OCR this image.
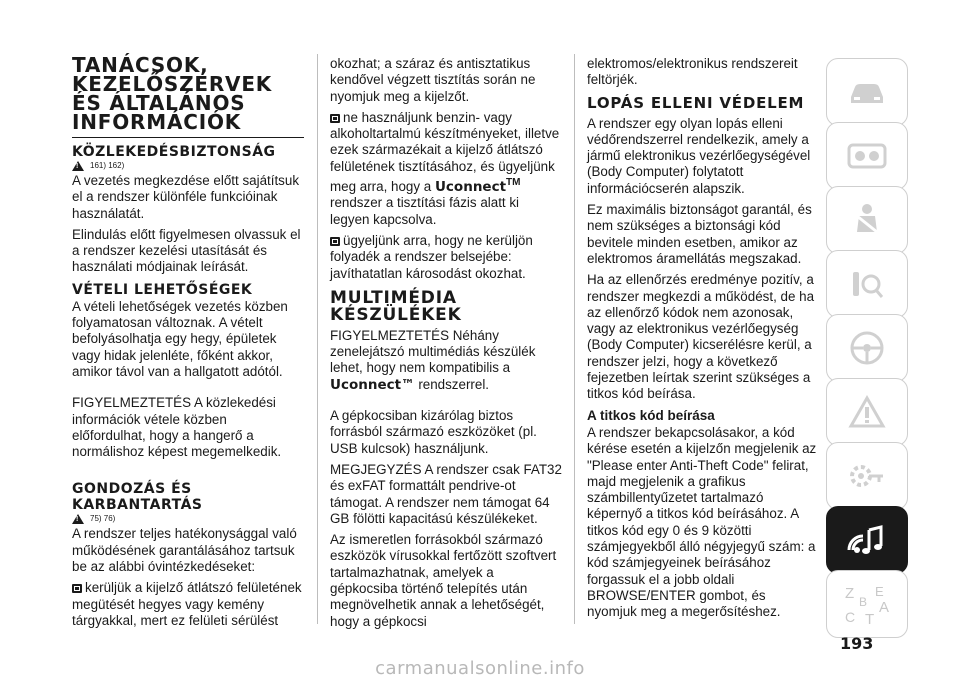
TANÁCSOK,
KEZELŐSZERVEK
ÉS ÁLTALÁNOS
INFORMÁCIÓK
KÖZLEKEDÉSBIZTONSÁG
!
161) 162)

A vezetés megkezdése előtt sajátítsuk el a rendszer különféle funkcióinak használatát.

Elindulás előtt figyelmesen olvassuk el a rendszer kezelési utasítását és használati módjainak leírását.

VÉTELI LEHETŐSÉGEK

A vételi lehetőségek vezetés közben folyamatosan változnak. A vételt befolyásolhatja egy hegy, épületek vagy hidak jelenléte, főként akkor, amikor távol van a hallgatott adótól.

FIGYELMEZTETÉS A közlekedési információk vétele közben előfordulhat, hogy a hangerő a normálishoz képest megemelkedik.

GONDOZÁS ÉS KARBANTARTÁS
!
75) 76)

A rendszer teljes hatékonysággal való működésének garantálásához tartsuk be az alábbi óvintézkedéseket:

kerüljük a kijelző átlátszó felületének megütését hegyes vagy kemény tárgyakkal, mert ez felületi sérülést

okozhat; a száraz és antisztatikus kendővel végzett tisztítás során ne nyomjuk meg a kijelzőt.

ne használjunk benzin- vagy alkoholtartalmú készítményeket, illetve ezek származékait a kijelző átlátszó felületének tisztításához, és ügyeljünk meg arra, hogy a Uconnect™ rendszer a tisztítási fázis alatt ki legyen kapcsolva.

ügyeljünk arra, hogy ne kerüljön folyadék a rendszer belsejébe: javíthatatlan károsodást okozhat.

MULTIMÉDIA
KÉSZÜLÉKEK

FIGYELMEZTETÉS Néhány zenelejátszó multimédiás készülék lehet, hogy nem kompatibilis a Uconnect™ rendszerrel.

A gépkocsiban kizárólag biztos forrásból származó eszközöket (pl. USB kulcsok) használjunk.

MEGJEGYZÉS A rendszer csak FAT32 és exFAT formattált pendrive-ot támogat. A rendszer nem támogat 64 GB fölötti kapacitású készülékeket.

Az ismeretlen forrásokból származó eszközök vírusokkal fertőzött szoftvert tartalmazhatnak, amelyek a gépkocsiba történő telepítés után megnövelhetik annak a lehetőségét, hogy a gépkocsi

elektromos/elektronikus rendszereit feltörjék.

LOPÁS ELLENI VÉDELEM

A rendszer egy olyan lopás elleni védőrendszerrel rendelkezik, amely a jármű elektronikus vezérlőegységével (Body Computer) folytatott információcserén alapszik.

Ez maximális biztonságot garantál, és nem szükséges a biztonsági kód bevitele minden esetben, amikor az elektromos áramellátás megszakad.

Ha az ellenőrzés eredménye pozitív, a rendszer megkezdi a működést, de ha az ellenőrző kódok nem azonosak, vagy az elektronikus vezérlőegység (Body Computer) kicserélésre kerül, a rendszer jelzi, hogy a következő fejezetben leírtak szerint szükséges a titkos kód beírása.

A titkos kód beírása

A rendszer bekapcsolásakor, a kód kérése esetén a kijelzőn megjelenik az "Please enter Anti-Theft Code" felirat, majd megjelenik a grafikus számbillentyűzetet tartalmazó képernyő a titkos kód beírásához. A titkos kód egy 0 és 9 közötti számjegyekből álló négyjegyű szám: a kód számjegyeinek beírásához forgassuk el a jobb oldali BROWSE/ENTER gombot, és nyomjuk meg a megerősítéshez.

Z E
B A
C T
193
carmanualsonline.info
